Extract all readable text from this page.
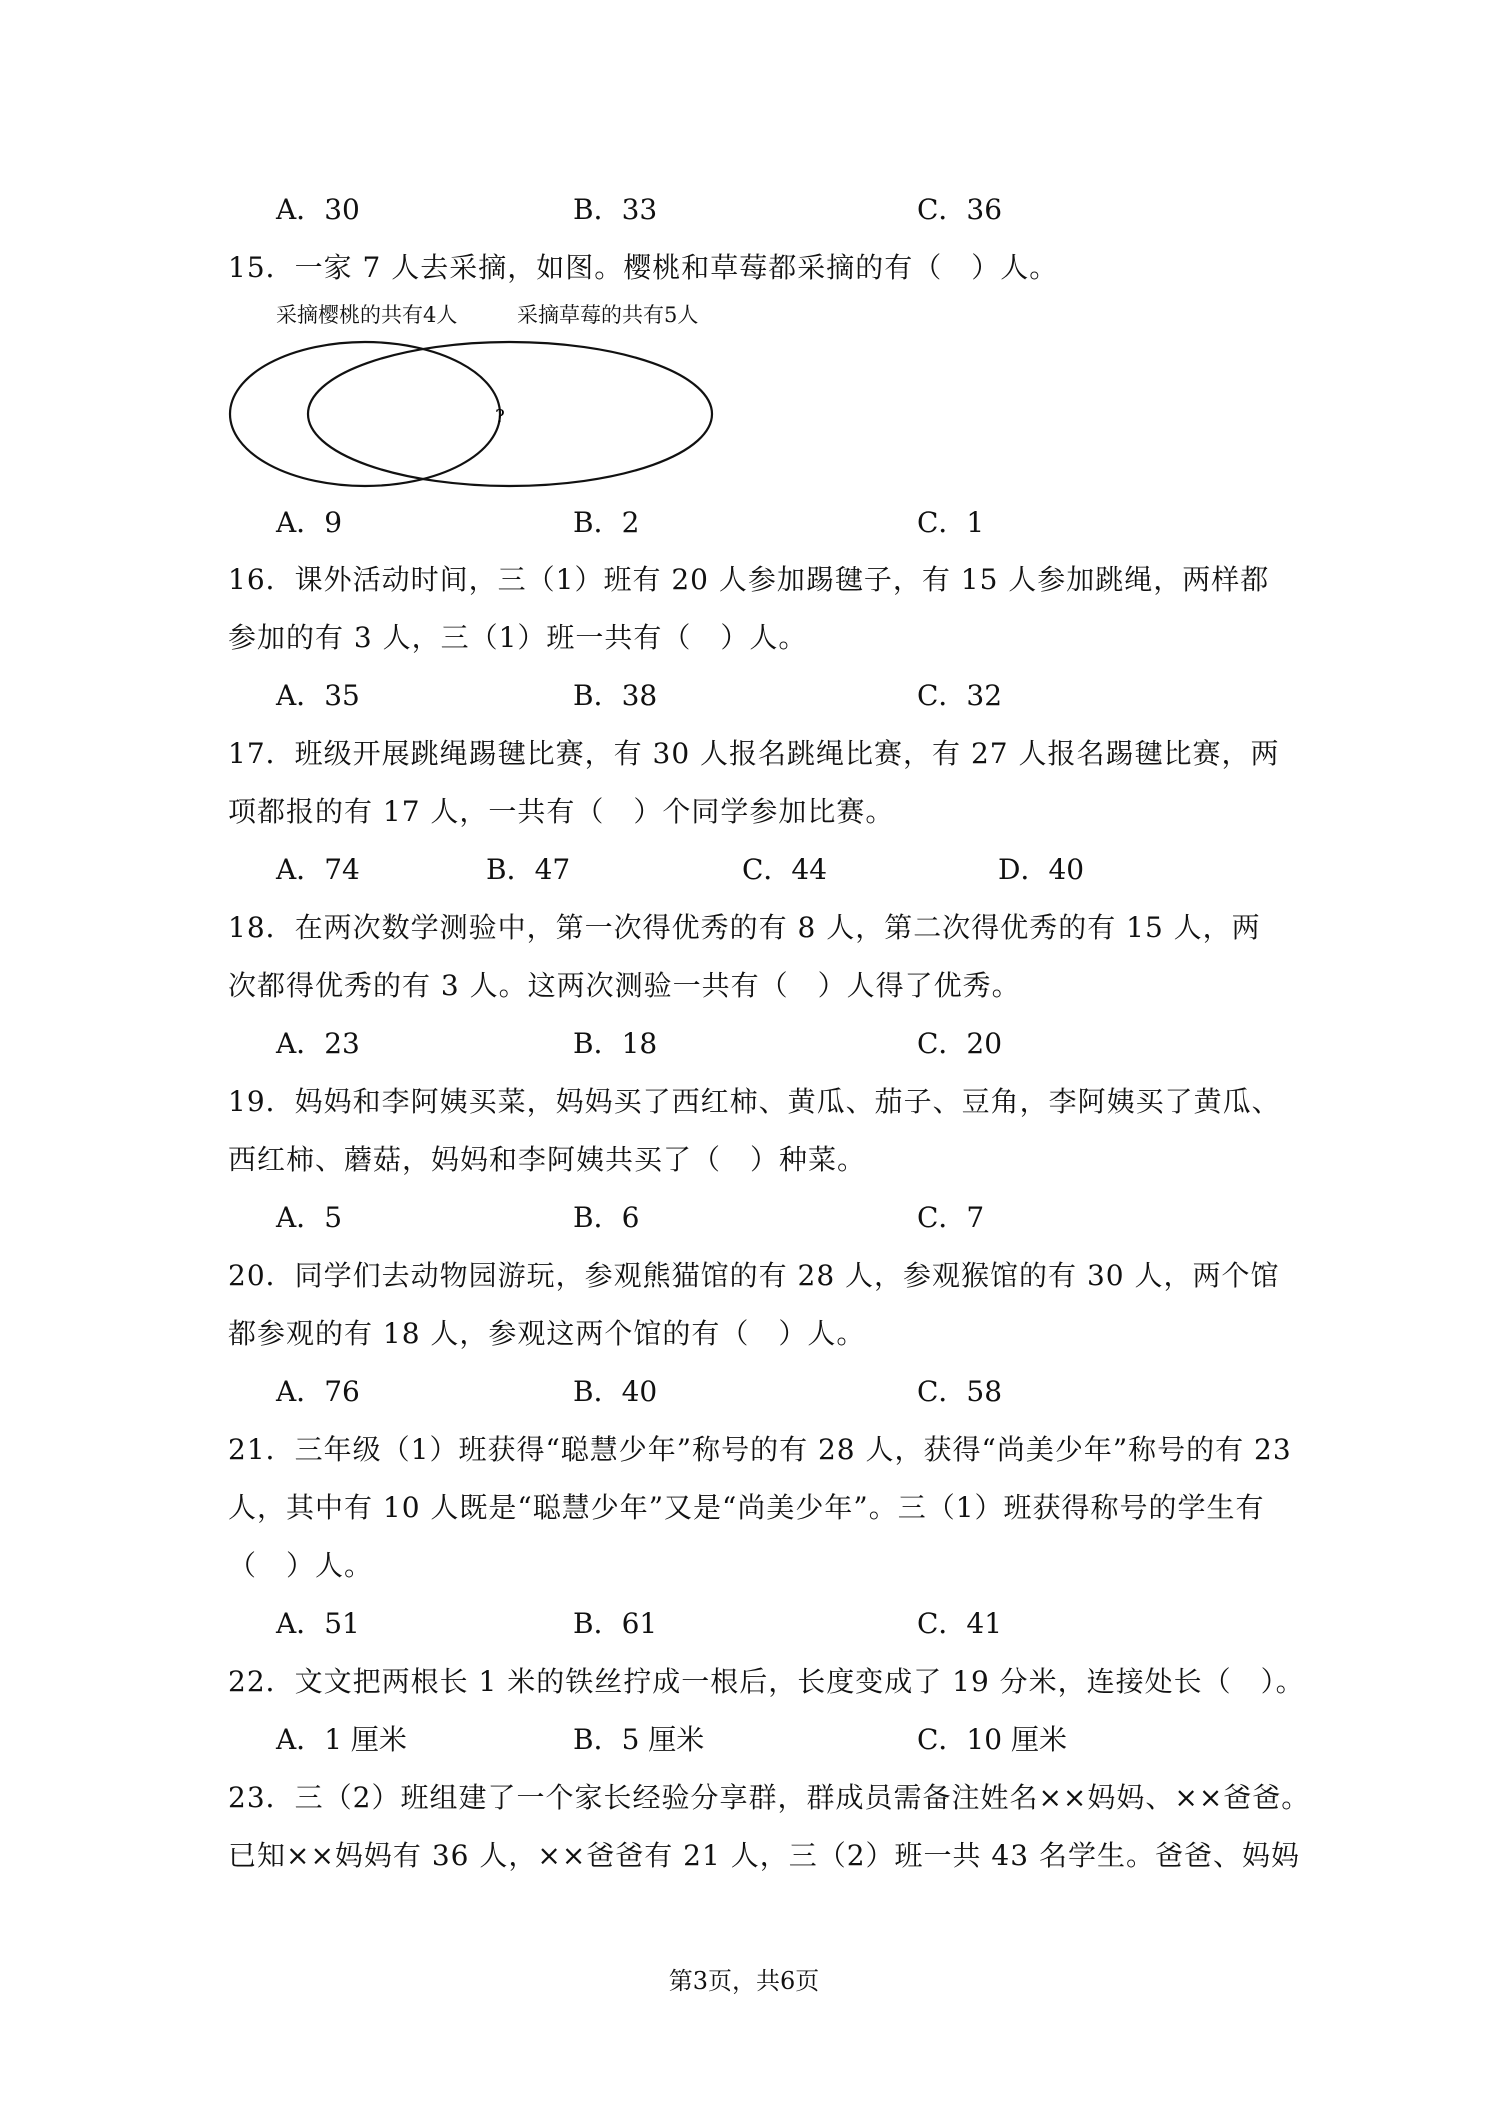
A．30	B．33	C．36
15．一家 7 人去采摘，如图。樱桃和草莓都采摘的有（　）人。
采摘樱桃的共有4人	采摘草莓的共有5人
?
A．9	B．2	C．1
16．课外活动时间，三（1）班有 20 人参加踢毽子，有 15 人参加跳绳，两样都
参加的有 3 人，三（1）班一共有（　）人。
A．35	B．38	C．32
17．班级开展跳绳踢毽比赛，有 30 人报名跳绳比赛，有 27 人报名踢毽比赛，两
项都报的有 17 人，一共有（　）个同学参加比赛。
A．74	B．47	C．44	D．40
18．在两次数学测验中，第一次得优秀的有 8 人，第二次得优秀的有 15 人，两
次都得优秀的有 3 人。这两次测验一共有（　）人得了优秀。
A．23	B．18	C．20
19．妈妈和李阿姨买菜，妈妈买了西红柿、黄瓜、茄子、豆角，李阿姨买了黄瓜、
西红柿、蘑菇，妈妈和李阿姨共买了（　）种菜。
A．5	B．6	C．7
20．同学们去动物园游玩，参观熊猫馆的有 28 人，参观猴馆的有 30 人，两个馆
都参观的有 18 人，参观这两个馆的有（　）人。
A．76	B．40	C．58
21．三年级（1）班获得“聪慧少年”称号的有 28 人，获得“尚美少年”称号的有 23
人，其中有 10 人既是“聪慧少年”又是“尚美少年”。三（1）班获得称号的学生有
（　）人。
A．51	B．61	C．41
22．文文把两根长 1 米的铁丝拧成一根后，长度变成了 19 分米，连接处长（　）。
A．1 厘米	B．5 厘米	C．10 厘米
23．三（2）班组建了一个家长经验分享群，群成员需备注姓名××妈妈、××爸爸。
已知××妈妈有 36 人，××爸爸有 21 人，三（2）班一共 43 名学生。爸爸、妈妈
第3页，共6页
